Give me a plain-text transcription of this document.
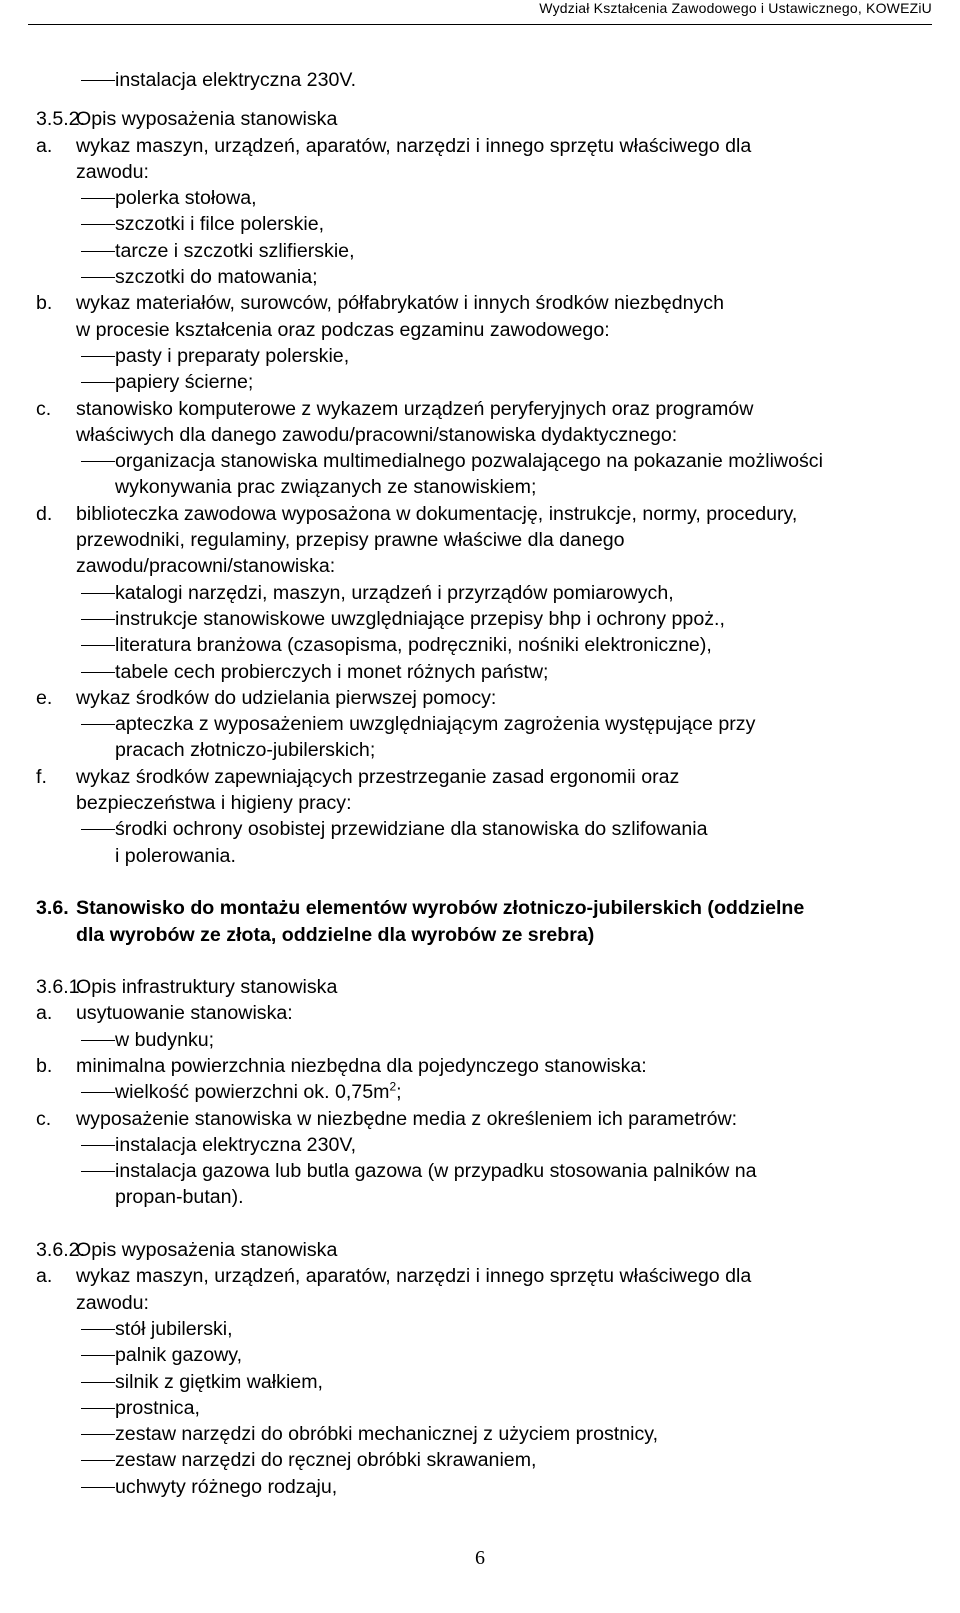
Wydział Kształcenia Zawodowego i Ustawicznego, KOWEZiU
instalacja elektryczna 230V.
3.5.2.
Opis wyposażenia stanowiska
a. wykaz maszyn, urządzeń, aparatów, narzędzi i innego sprzętu właściwego dla
zawodu:
polerka stołowa,
szczotki i filce polerskie,
tarcze i szczotki szlifierskie,
szczotki do matowania;
b. wykaz materiałów, surowców, półfabrykatów i innych środków niezbędnych
w procesie kształcenia oraz podczas egzaminu zawodowego:
pasty i preparaty polerskie,
papiery ścierne;
c. stanowisko komputerowe z wykazem urządzeń peryferyjnych oraz programów
właściwych dla danego zawodu/pracowni/stanowiska dydaktycznego:
organizacja stanowiska multimedialnego pozwalającego na pokazanie możliwości
wykonywania prac związanych ze stanowiskiem;
d. biblioteczka zawodowa wyposażona w dokumentację, instrukcje, normy, procedury,
przewodniki, regulaminy, przepisy prawne właściwe dla danego
zawodu/pracowni/stanowiska:
katalogi narzędzi, maszyn, urządzeń i przyrządów pomiarowych,
instrukcje stanowiskowe uwzględniające przepisy bhp i ochrony ppoż.,
literatura branżowa (czasopisma, podręczniki, nośniki elektroniczne),
tabele cech probierczych i monet różnych państw;
e. wykaz środków do udzielania pierwszej pomocy:
apteczka z wyposażeniem uwzględniającym zagrożenia występujące przy
pracach złotniczo-jubilerskich;
f. wykaz środków zapewniających przestrzeganie zasad ergonomii oraz
bezpieczeństwa i higieny pracy:
środki ochrony osobistej przewidziane dla stanowiska do szlifowania
i polerowania.
3.6. Stanowisko do montażu elementów wyrobów złotniczo-jubilerskich (oddzielne
dla wyrobów ze złota, oddzielne dla wyrobów ze srebra)
3.6.1.
Opis infrastruktury stanowiska
a. usytuowanie stanowiska:
w budynku;
b. minimalna powierzchnia niezbędna dla pojedynczego stanowiska:
wielkość powierzchni ok. $0,75m^2$;
c. wyposażenie stanowiska w niezbędne media z określeniem ich parametrów:
instalacja elektryczna 230V,
instalacja gazowa lub butla gazowa (w przypadku stosowania palników na
propan-butan).
3.6.2.
Opis wyposażenia stanowiska
a. wykaz maszyn, urządzeń, aparatów, narzędzi i innego sprzętu właściwego dla
zawodu:
stół jubilerski,
palnik gazowy,
silnik z giętkim wałkiem,
prostnica,
zestaw narzędzi do obróbki mechanicznej z użyciem prostnicy,
zestaw narzędzi do ręcznej obróbki skrawaniem,
uchwyty różnego rodzaju,
6
